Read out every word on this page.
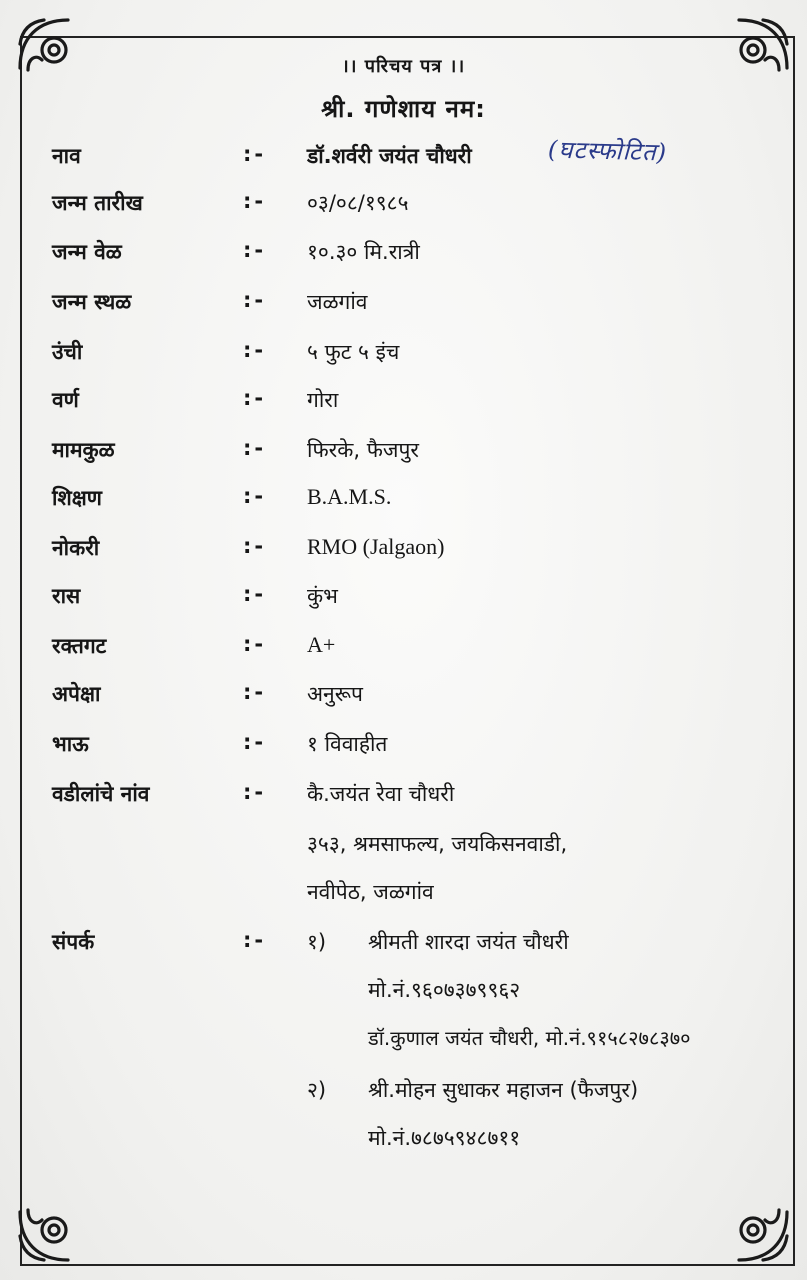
।। परिचय पत्र ।।
श्री. गणेशाय नम:
नाव	:- डॉ.शर्वरी जयंत चौधरी	(घटस्फोटित)
जन्म तारीख	:- ०३/०८/१९८५
जन्म वेळ	:- १०.३० मि.रात्री
जन्म स्थळ	:- जळगांव
उंची	:- ५ फुट ५ इंच
वर्ण	:- गोरा
मामकुळ	:- फिरके, फैजपुर
शिक्षण	:- B.A.M.S.
नोकरी	:- RMO (Jalgaon)
रास	:- कुंभ
रक्तगट	:- A+
अपेक्षा	:- अनुरूप
भाऊ	:- १ विवाहीत
वडीलांचे नांव	:- कै.जयंत रेवा चौधरी
३५३, श्रमसाफल्य, जयकिसनवाडी,
नवीपेठ, जळगांव
संपर्क	:- १) श्रीमती शारदा जयंत चौधरी
मो.नं.९६०७३७९९६२
डॉ.कुणाल जयंत चौधरी, मो.नं.९१५८२७८३७०
२) श्री.मोहन सुधाकर महाजन (फैजपुर)
मो.नं.७८७५९४८७११
